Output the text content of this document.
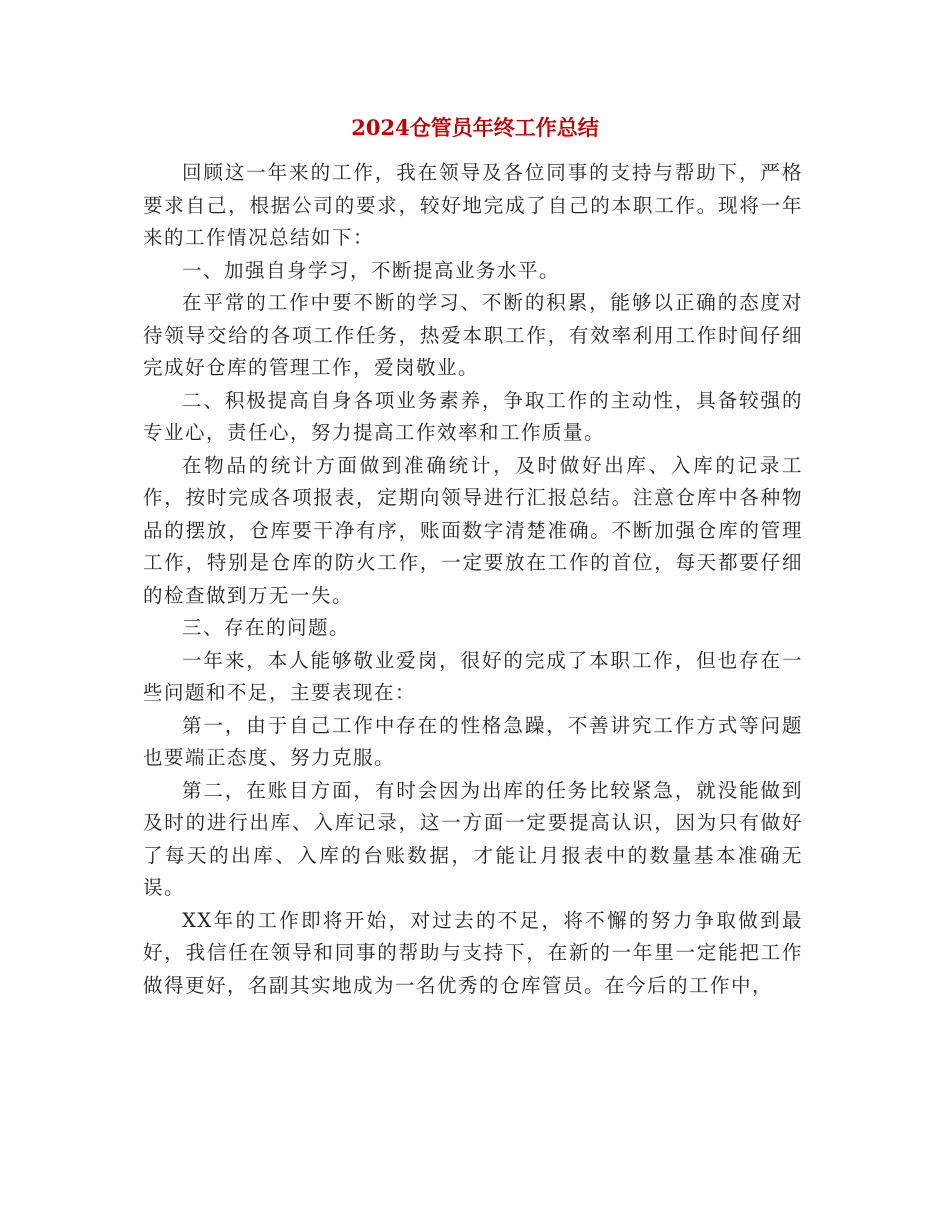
2024仓管员年终工作总结

回顾这一年来的工作，我在领导及各位同事的支持与帮助下，严格要求自己，根据公司的要求，较好地完成了自己的本职工作。现将一年来的工作情况总结如下：

一、加强自身学习，不断提高业务水平。

在平常的工作中要不断的学习、不断的积累，能够以正确的态度对待领导交给的各项工作任务，热爱本职工作，有效率利用工作时间仔细完成好仓库的管理工作，爱岗敬业。

二、积极提高自身各项业务素养，争取工作的主动性，具备较强的专业心，责任心，努力提高工作效率和工作质量。

在物品的统计方面做到准确统计，及时做好出库、入库的记录工作，按时完成各项报表，定期向领导进行汇报总结。注意仓库中各种物品的摆放，仓库要干净有序，账面数字清楚准确。不断加强仓库的管理工作，特别是仓库的防火工作，一定要放在工作的首位，每天都要仔细的检查做到万无一失。

三、存在的问题。

一年来，本人能够敬业爱岗，很好的完成了本职工作，但也存在一些问题和不足，主要表现在：

第一，由于自己工作中存在的性格急躁，不善讲究工作方式等问题也要端正态度、努力克服。

第二，在账目方面，有时会因为出库的任务比较紧急，就没能做到及时的进行出库、入库记录，这一方面一定要提高认识，因为只有做好了每天的出库、入库的台账数据，才能让月报表中的数量基本准确无误。

XX年的工作即将开始，对过去的不足，将不懈的努力争取做到最好，我信任在领导和同事的帮助与支持下，在新的一年里一定能把工作做得更好，名副其实地成为一名优秀的仓库管员。在今后的工作中，
